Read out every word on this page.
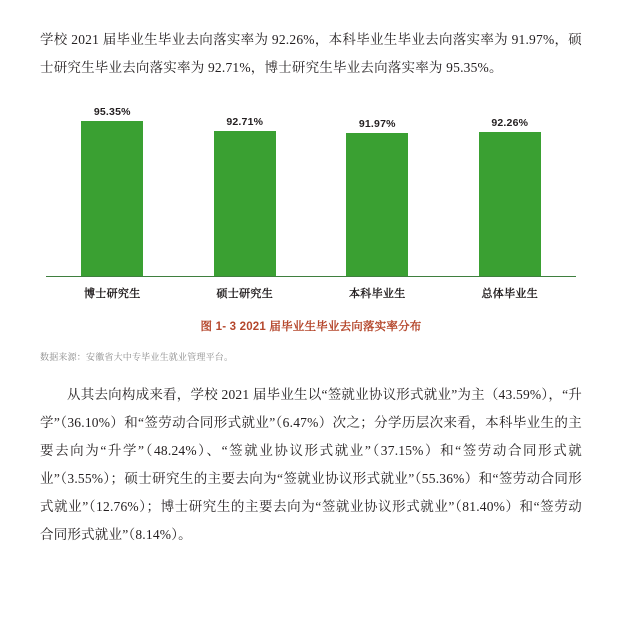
学校 2021 届毕业生毕业去向落实率为 92.26%，本科毕业生毕业去向落实率为 91.97%，硕士研究生毕业去向落实率为 92.71%，博士研究生毕业去向落实率为 95.35%。

95.35%
92.71%	91.97%	92.26%
博士研究生	硕士研究生	本科毕业生	总体毕业生
图 1- 3 2021 届毕业生毕业去向落实率分布
数据来源：安徽省大中专毕业生就业管理平台。

从其去向构成来看，学校 2021 届毕业生以“签就业协议形式就业”为主（43.59%），“升学”（36.10%）和“签劳动合同形式就业”（6.47%）次之；分学历层次来看，本科毕业生的主要去向为“升学”（48.24%）、“签就业协议形式就业”（37.15%）和“签劳动合同形式就业”（3.55%）；硕士研究生的主要去向为“签就业协议形式就业”（55.36%）和“签劳动合同形式就业”（12.76%）；博士研究生的主要去向为“签就业协议形式就业”（81.40%）和“签劳动合同形式就业”（8.14%）。
